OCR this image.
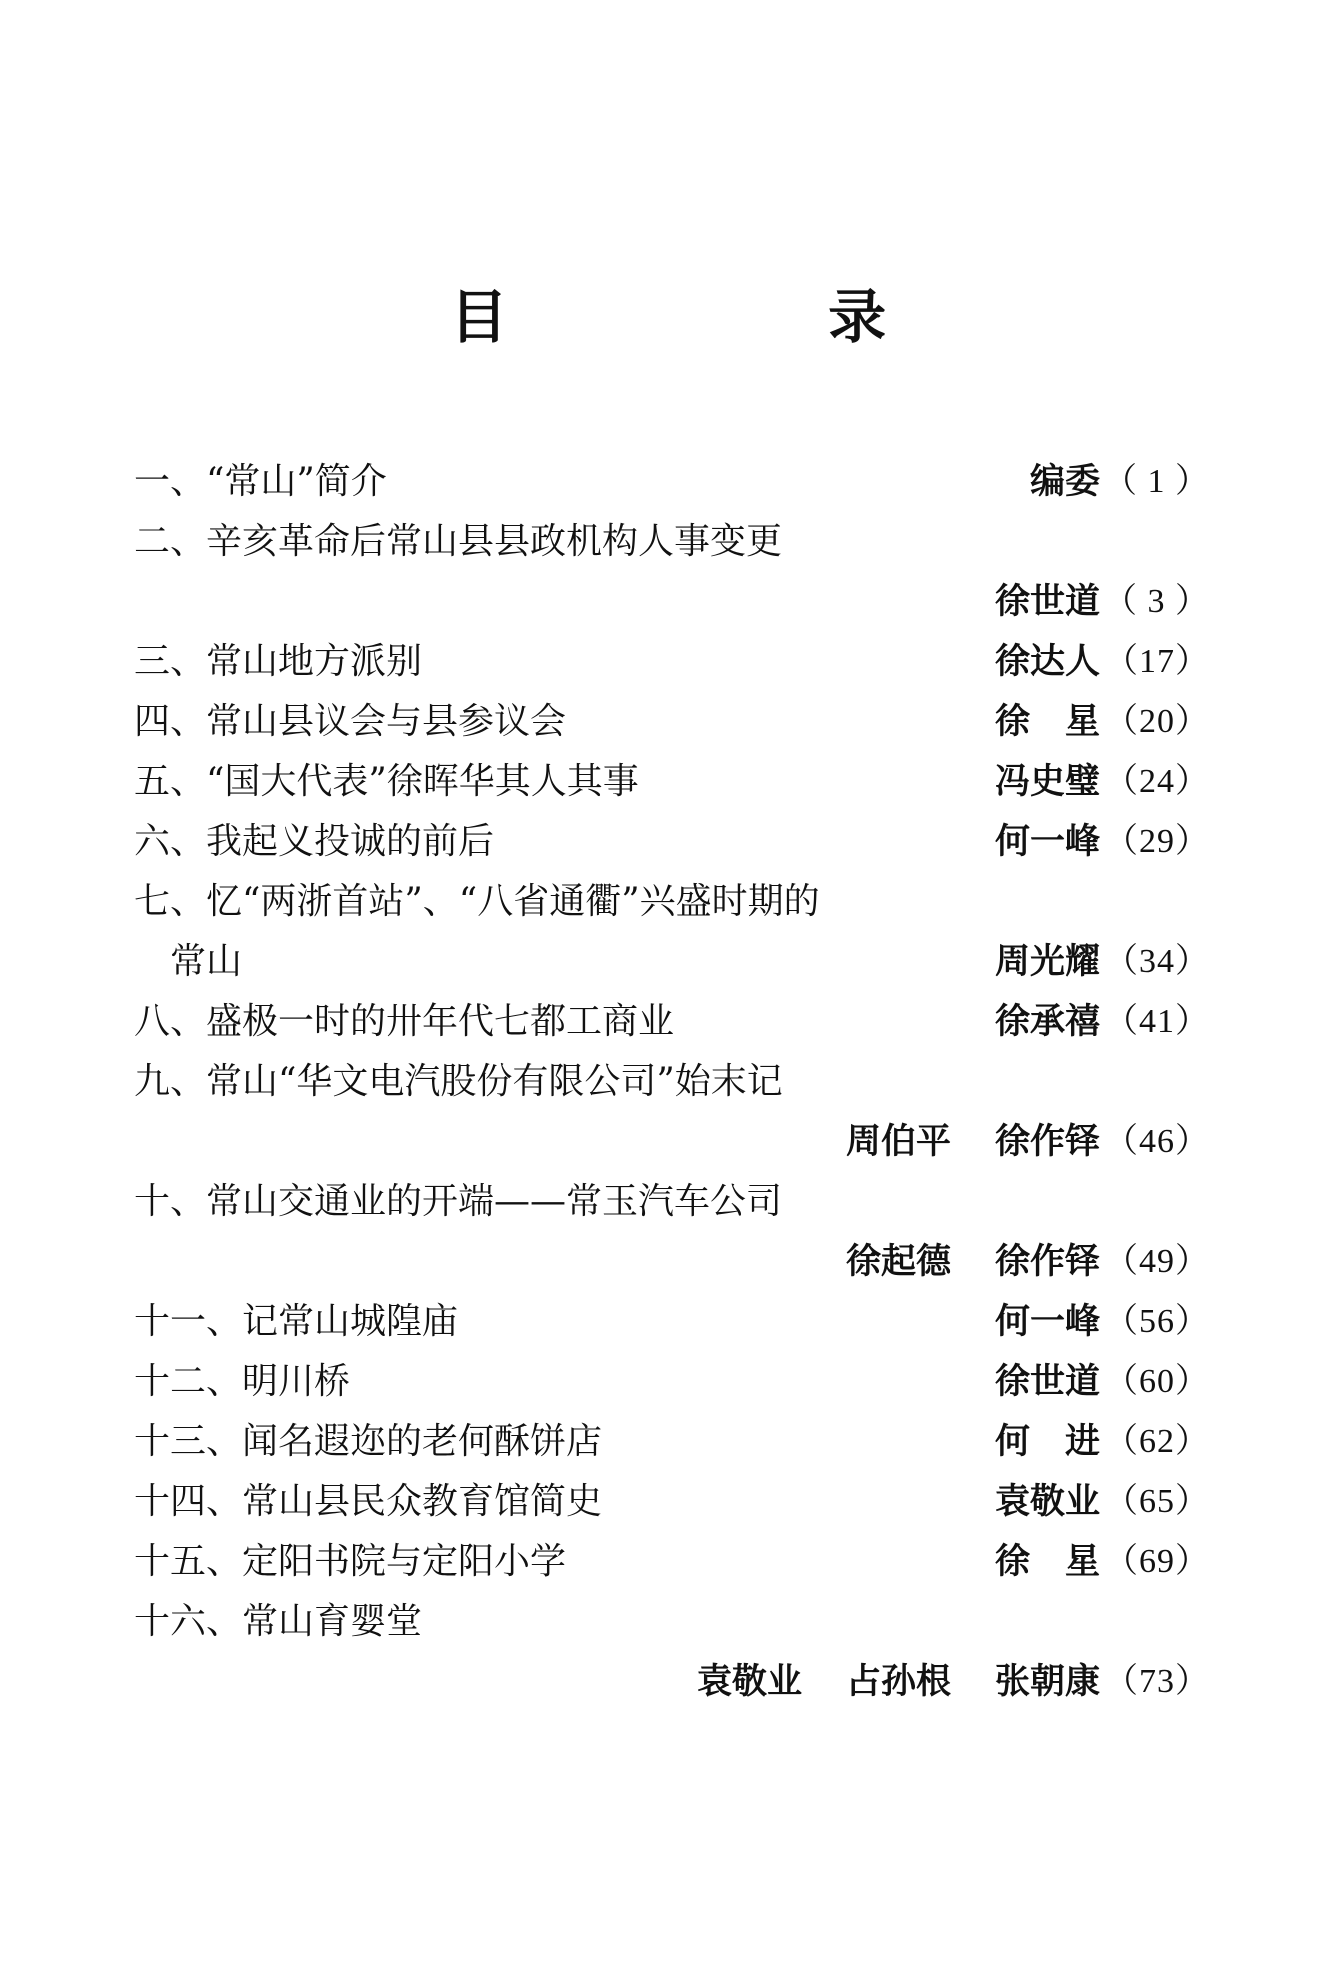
目 录
一、“常山”简介	编委 （ 1 ）
二、辛亥革命后常山县县政机构人事变更
徐世道 （ 3 ）
三、常山地方派别	徐达人 （17）
四、常山县议会与县参议会	徐　星 （20）
五、“国大代表”徐晖华其人其事	冯史璧 （24）
六、我起义投诚的前后	何一峰 （29）
七、忆“两浙首站”、“八省通衢”兴盛时期的
常山	周光耀 （34）
八、盛极一时的卅年代七都工商业	徐承禧 （41）
九、常山“华文电汽股份有限公司”始末记
周伯平 徐作铎 （46）
十、常山交通业的开端——常玉汽车公司
徐起德 徐作铎 （49）
十一、记常山城隍庙	何一峰 （56）
十二、明川桥	徐世道 （60）
十三、闻名遐迩的老何酥饼店	何　进 （62）
十四、常山县民众教育馆简史	袁敬业 （65）
十五、定阳书院与定阳小学	徐　星 （69）
十六、常山育婴堂
袁敬业 占孙根 张朝康 （73）
